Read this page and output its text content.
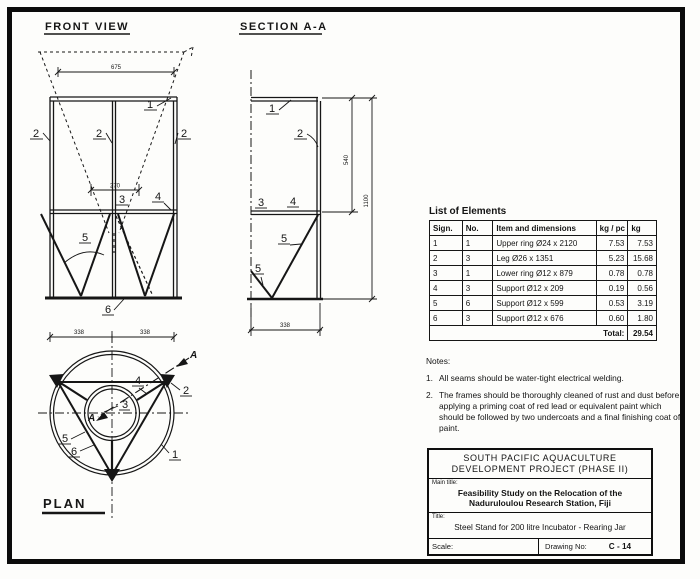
FRONT VIEW
675
270
1
2	2	2
3	4
5
6
SECTION A-A
1
2
3 4
5
5
540
1100
338
338	338
A
A
2
4
3
5
6	1
PLAN
List of Elements
Sign.	No.	Item and dimensions	kg / pc	kg
1	1	Upper ring Ø24 x 2120	7.53	7.53
2	3	Leg Ø26 x 1351	5.23	15.68
3	1	Lower ring Ø12 x 879	0.78	0.78
4	3	Support Ø12 x 209	0.19	0.56
5	6	Support Ø12 x 599	0.53	3.19
6	3	Support Ø12 x 676	0.60	1.80
Total:				29.54
Notes:
1. All seams should be water-tight electrical welding.
2. The frames should be thoroughly cleaned of rust and dust before applying a priming coat of red lead or equivalent paint which should be followed by two undercoats and a final finishing coat of paint.
SOUTH PACIFIC AQUACULTURE
DEVELOPMENT PROJECT (PHASE II)
Main title:
Feasibility Study on the Relocation of the
Naduruloulou Research Station, Fiji
Title:
Steel Stand for 200 litre Incubator - Rearing Jar
Scale:	Drawing No:	C - 14
